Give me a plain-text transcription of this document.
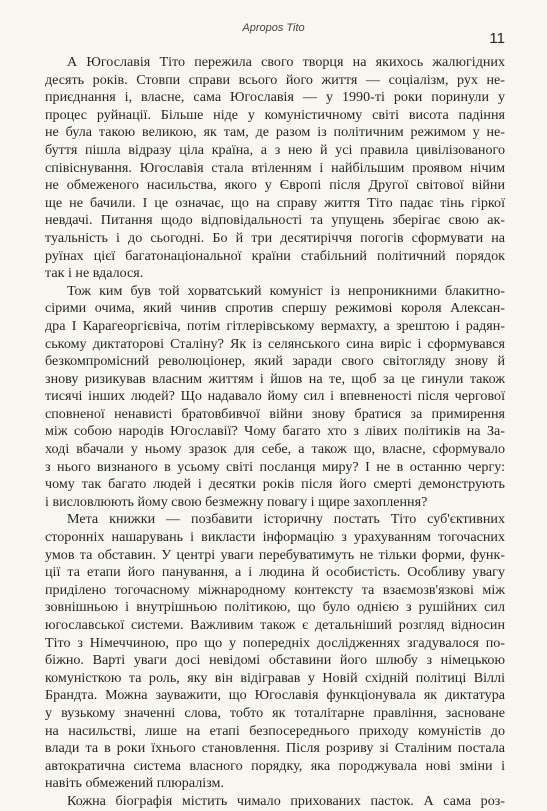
Apropos Tito
11
А Югославія Тіто пережила свого творця на якихось жалюгідних
десять років. Стовпи справи всього його життя — соціалізм, рух не-
приєднання і, власне, сама Югославія — у 1990-ті роки поринули у
процес руйнації. Більше ніде у комуністичному світі висота падіння
не була такою великою, як там, де разом із політичним режимом у не-
буття пішла відразу ціла країна, а з нею й усі правила цивілізованого
співіснування. Югославія стала втіленням і найбільшим проявом нічим
не обмеженого насильства, якого у Європі після Другої світової війни
ще не бачили. І це означає, що на справу життя Тіто падає тінь гіркої
невдачі. Питання щодо відповідальності та упущень зберігає свою ак-
туальність і до сьогодні. Бо й три десятиріччя погогів сформувати на
руїнах цієї багатонаціональної країни стабільний політичний порядок
так і не вдалося.
Тож ким був той хорватський комуніст із непроникними блакитно-
сірими очима, який чинив спротив спершу режимові короля Алексан-
дра I Карагеоргієвіча, потім гітлерівському вермахту, а зрештою і радян-
ському диктаторові Сталіну? Як із селянського сина виріс і сформувався
безкомпромісний революціонер, який заради свого світогляду знову й
знову ризикував власним життям і йшов на те, щоб за це гинули також
тисячі інших людей? Що надавало йому сил і впевненості після чергової
сповненої ненависті братовбивчої війни знову братися за примирення
між собою народів Югославії? Чому багато хто з лівих політиків на За-
ході вбачали у ньому зразок для себе, а також що, власне, сформувало
з нього визнаного в усьому світі посланця миру? І не в останню чергу:
чому так багато людей і десятки років після його смерті демонструють
і висловлюють йому свою безмежну повагу і щире захоплення?
Мета книжки — позбавити історичну постать Тіто суб'єктивних
сторонніх нашарувань і викласти інформацію з урахуванням тогочасних
умов та обставин. У центрі уваги перебуватимуть не тільки форми, функ-
ції та етапи його панування, а і людина й особистість. Особливу увагу
приділено тогочасному міжнародному контексту та взаємозв'язкові між
зовнішньою і внутрішньою політикою, що було однією з рушійних сил
югославської системи. Важливим також є детальніший розгляд відносин
Тіто з Німеччиною, про що у попередніх дослідженнях згадувалося по-
біжно. Варті уваги досі невідомі обставини його шлюбу з німецькою
комуністкою та роль, яку він відігравав у Новій східній політиці Віллі
Брандта. Можна зауважити, що Югославія функціонувала як диктатура
у вузькому значенні слова, тобто як тоталітарне правління, засноване
на насильстві, лише на етапі безпосереднього приходу комуністів до
влади та в роки їхнього становлення. Після розриву зі Сталіним постала
автократична система власного порядку, яка породжувала нові зміни і
навіть обмежений плюралізм.
Кожна біографія містить чимало прихованих пасток. А сама роз-
